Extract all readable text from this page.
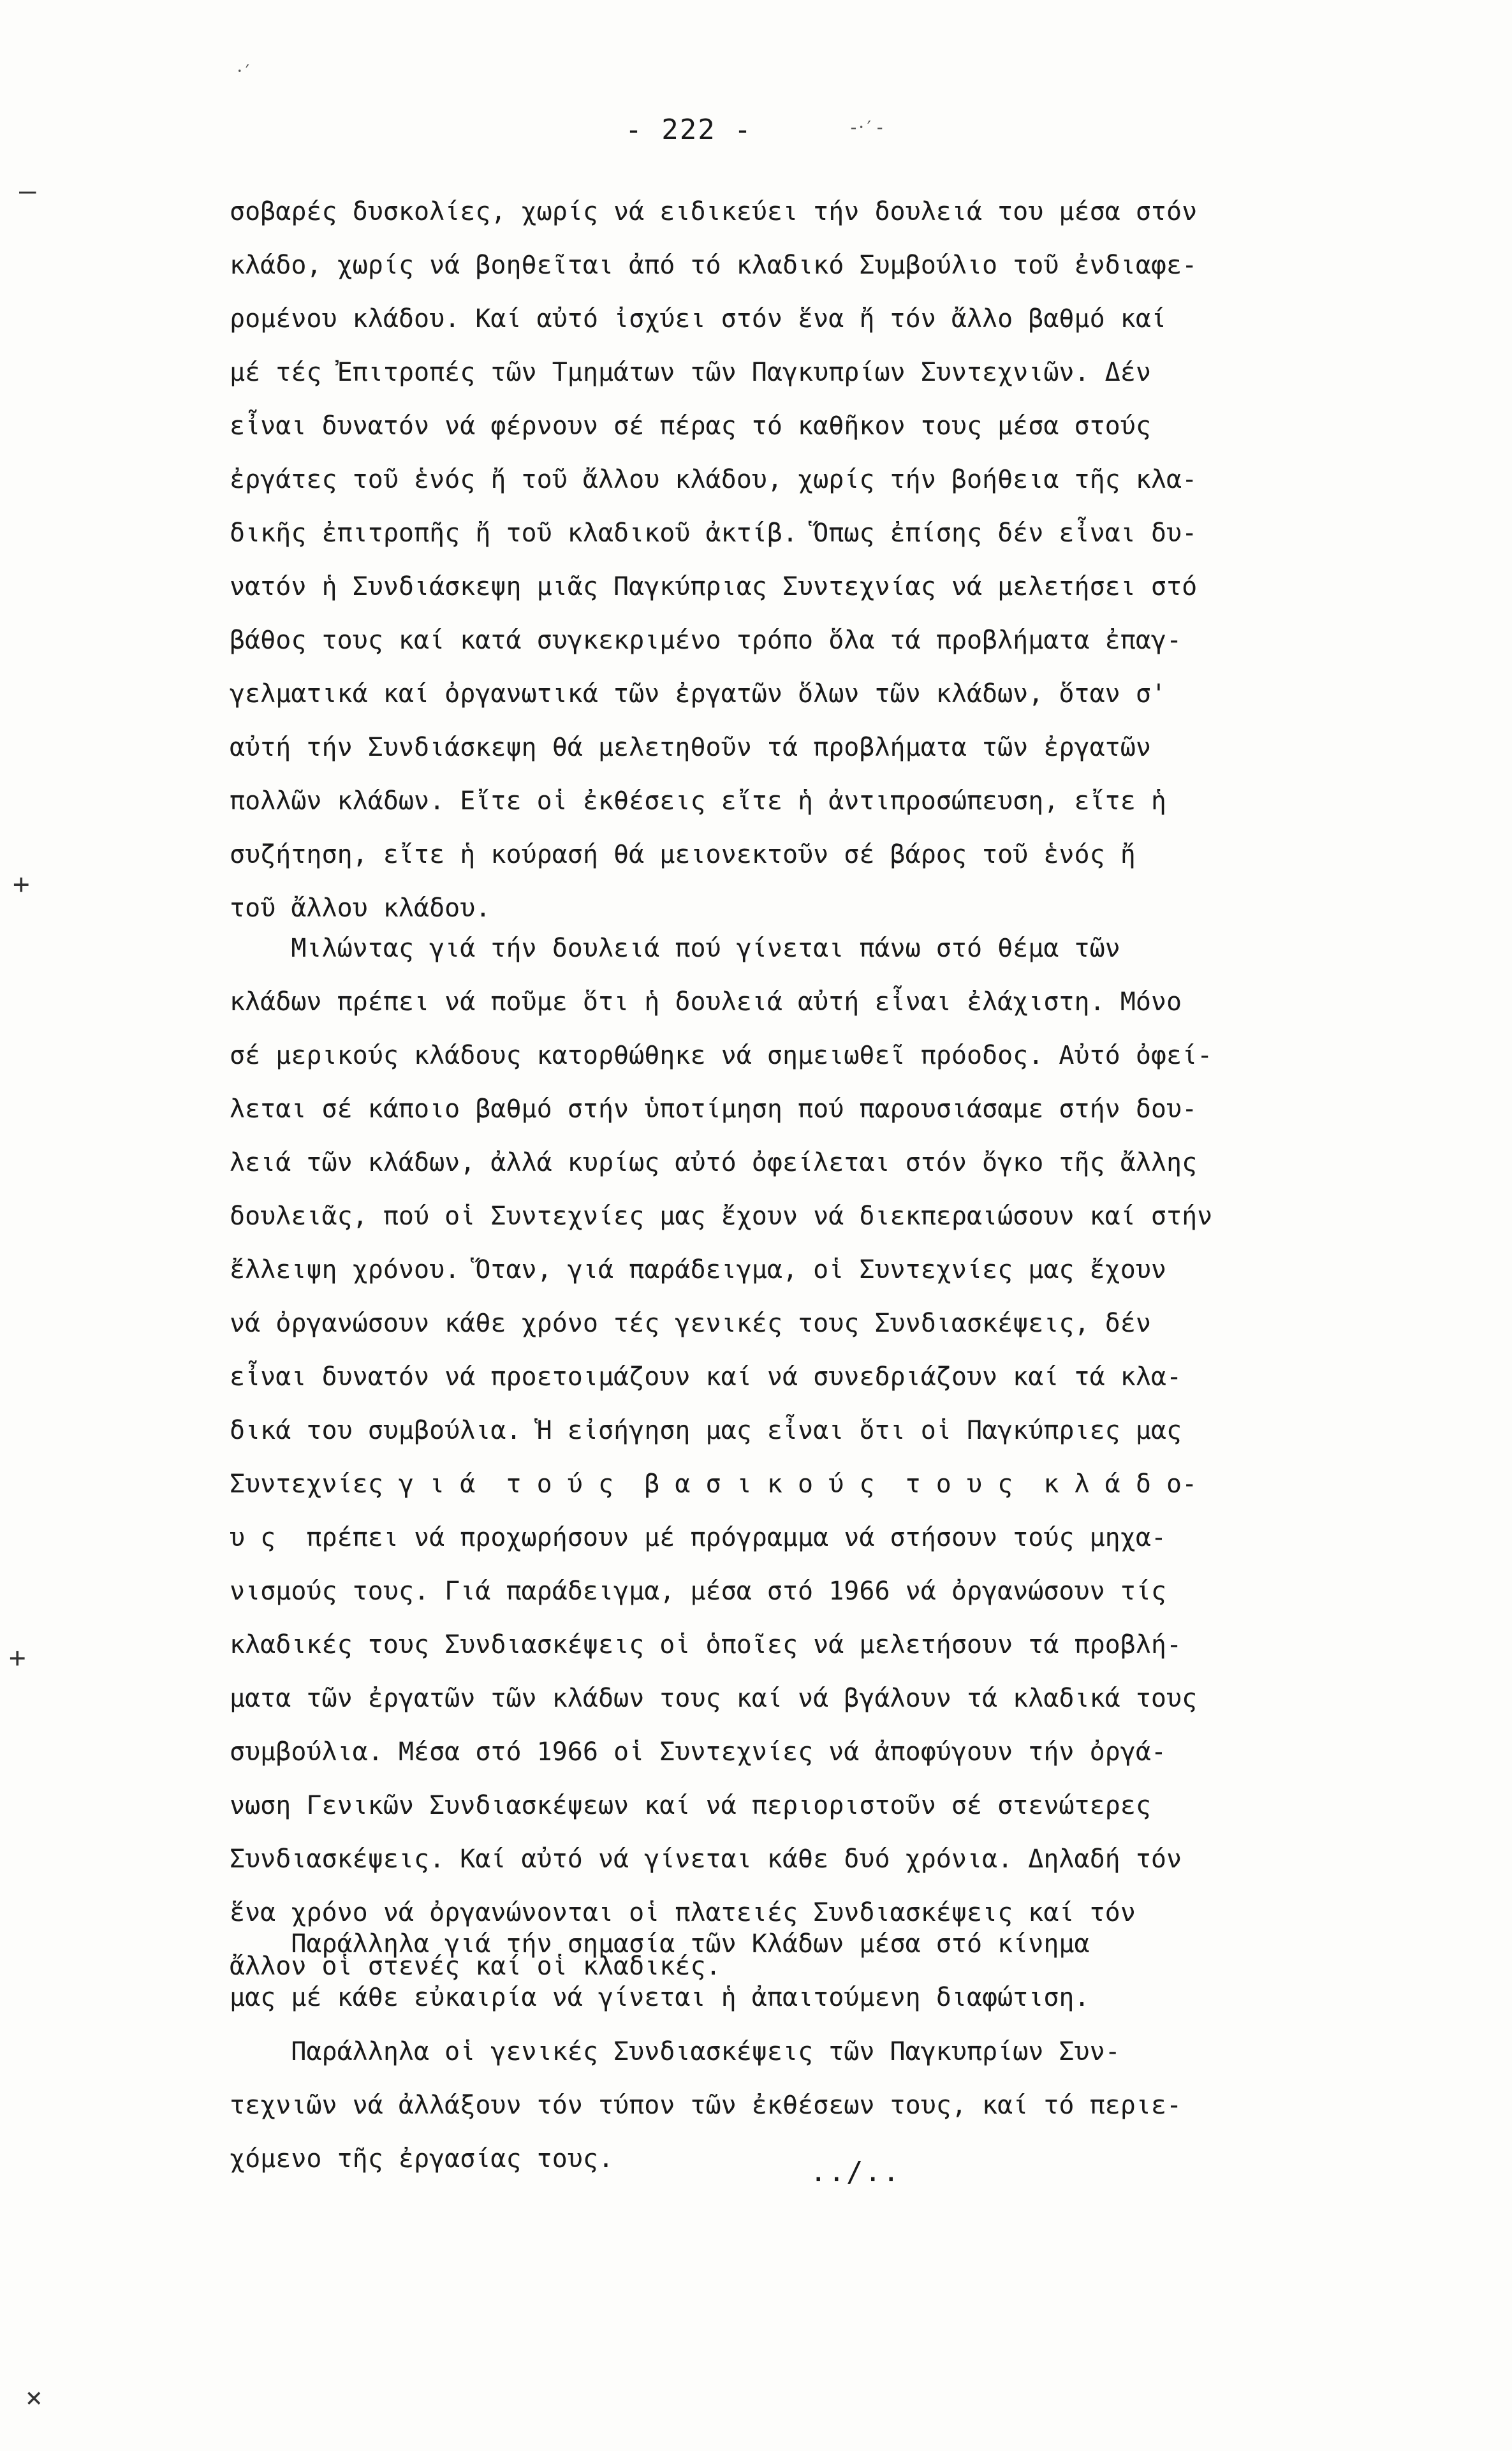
- 222 -
σοβαρές δυσκολίες, χωρίς νά ειδικεύει τήν δουλειά του μέσα στόν
κλάδο, χωρίς νά βοηθεῖται ἀπό τό κλαδικό Συμβούλιο τοῦ ἐνδιαφε-
ρομένου κλάδου. Καί αὐτό ἰσχύει στόν ἕνα ἤ τόν ἄλλο βαθμό καί
μέ τές Ἐπιτροπές τῶν Τμημάτων τῶν Παγκυπρίων Συντεχνιῶν. Δέν
εἶναι δυνατόν νά φέρνουν σέ πέρας τό καθῆκον τους μέσα στούς
ἐργάτες τοῦ ἑνός ἤ τοῦ ἄλλου κλάδου, χωρίς τήν βοήθεια τῆς κλα-
δικῆς ἐπιτροπῆς ἤ τοῦ κλαδικοῦ ἀκτίβ. Ὅπως ἐπίσης δέν εἶναι δυ-
νατόν ἡ Συνδιάσκεψη μιᾶς Παγκύπριας Συντεχνίας νά μελετήσει στό
βάθος τους καί κατά συγκεκριμένο τρόπο ὅλα τά προβλήματα ἐπαγ-
γελματικά καί ὀργανωτικά τῶν ἐργατῶν ὅλων τῶν κλάδων, ὅταν σ'
αὐτή τήν Συνδιάσκεψη θά μελετηθοῦν τά προβλήματα τῶν ἐργατῶν
πολλῶν κλάδων. Εἴτε οἱ ἐκθέσεις εἴτε ἡ ἀντιπροσώπευση, εἴτε ἡ
συζήτηση, εἴτε ἡ κούρασή θά μειονεκτοῦν σέ βάρος τοῦ ἑνός ἤ
τοῦ ἄλλου κλάδου.
Μιλώντας γιά τήν δουλειά πού γίνεται πάνω στό θέμα τῶν
κλάδων πρέπει νά ποῦμε ὅτι ἡ δουλειά αὐτή εἶναι ἐλάχιστη. Μόνο
σέ μερικούς κλάδους κατορθώθηκε νά σημειωθεῖ πρόοδος. Αὐτό ὀφεί-
λεται σέ κάποιο βαθμό στήν ὑποτίμηση πού παρουσιάσαμε στήν δου-
λειά τῶν κλάδων, ἀλλά κυρίως αὐτό ὀφείλεται στόν ὄγκο τῆς ἄλλης
δουλειᾶς, πού οἱ Συντεχνίες μας ἔχουν νά διεκπεραιώσουν καί στήν
ἔλλειψη χρόνου. Ὅταν, γιά παράδειγμα, οἱ Συντεχνίες μας ἔχουν
νά ὀργανώσουν κάθε χρόνο τές γενικές τους Συνδιασκέψεις, δέν
εἶναι δυνατόν νά προετοιμάζουν καί νά συνεδριάζουν καί τά κλα-
δικά του συμβούλια. Ἡ εἰσήγηση μας εἶναι ὅτι οἱ Παγκύπριες μας
Συντεχνίες γ ι ά  τ ο ύ ς  β α σ ι κ ο ύ ς  τ ο υ ς  κ λ ά δ ο-
υ ς  πρέπει νά προχωρήσουν μέ πρόγραμμα νά στήσουν τούς μηχα-
νισμούς τους. Γιά παράδειγμα, μέσα στό 1966 νά ὀργανώσουν τίς
κλαδικές τους Συνδιασκέψεις οἱ ὁποῖες νά μελετήσουν τά προβλή-
ματα τῶν ἐργατῶν τῶν κλάδων τους καί νά βγάλουν τά κλαδικά τους
συμβούλια. Μέσα στό 1966 οἱ Συντεχνίες νά ἀποφύγουν τήν ὀργά-
νωση Γενικῶν Συνδιασκέψεων καί νά περιοριστοῦν σέ στενώτερες
Συνδιασκέψεις. Καί αὐτό νά γίνεται κάθε δυό χρόνια. Δηλαδή τόν
ἕνα χρόνο νά ὀργανώνονται οἱ πλατειές Συνδιασκέψεις καί τόν
ἄλλον οἱ στενές καί οἱ κλαδικές.
Παράλληλα γιά τήν σημασία τῶν Κλάδων μέσα στό κίνημα
μας μέ κάθε εὐκαιρία νά γίνεται ἡ ἀπαιτούμενη διαφώτιση.
Παράλληλα οἱ γενικές Συνδιασκέψεις τῶν Παγκυπρίων Συν-
τεχνιῶν νά ἀλλάξουν τόν τύπον τῶν ἐκθέσεων τους, καί τό περιε-
χόμενο τῆς ἐργασίας τους.	../..
—
+
+
⨯
⸱′
‐⸱′‐
